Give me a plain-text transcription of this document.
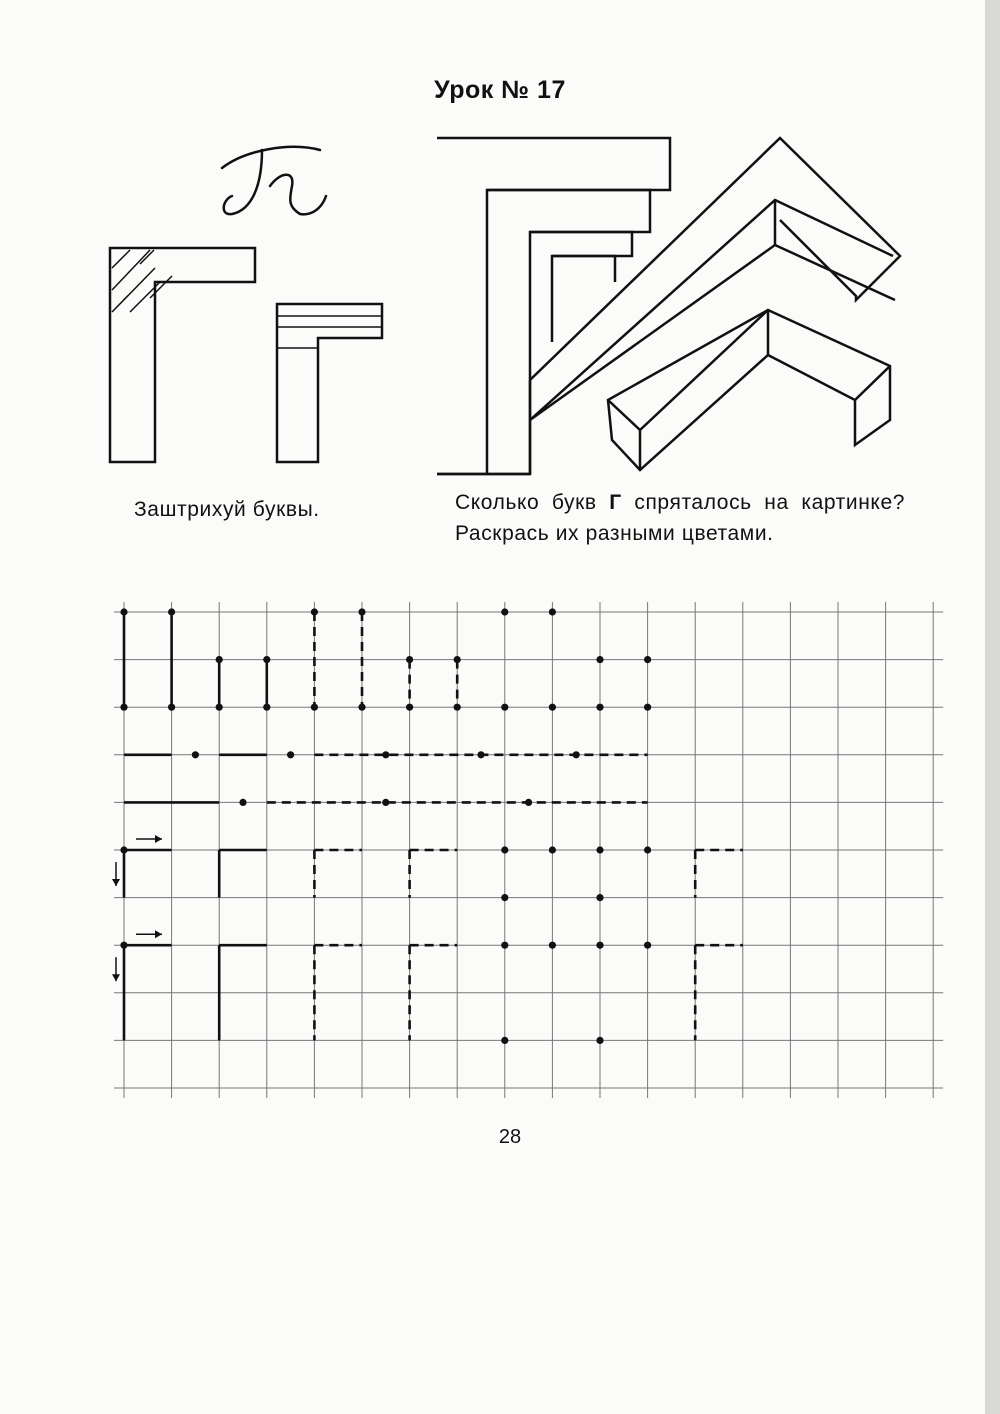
Урок № 17
Заштрихуй буквы.	Сколько букв Г спряталось на картинке? Раскрась их разными цветами.
28
